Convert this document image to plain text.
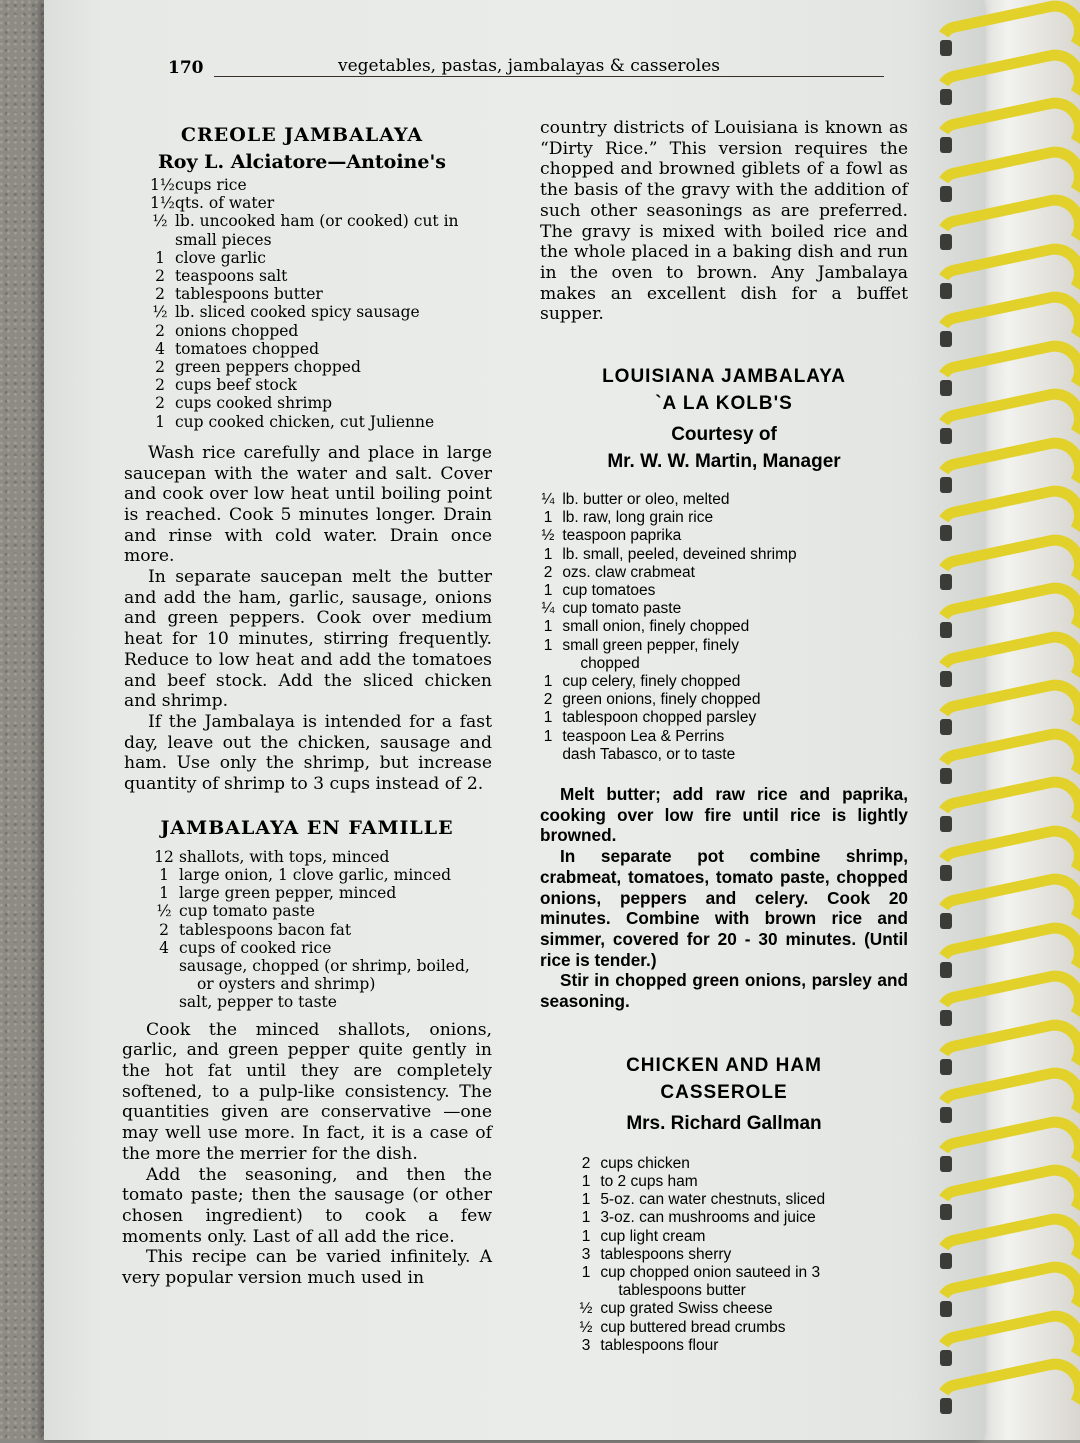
170	vegetables, pastas, jambalayas & casseroles
CREOLE JAMBALAYA
Roy L. Alciatore—Antoine's
1½ cups rice
1½ qts. of water
½ lb. uncooked ham (or cooked) cut in
small pieces
1 clove garlic
2 teaspoons salt
2 tablespoons butter
½ lb. sliced cooked spicy sausage
2 onions chopped
4 tomatoes chopped
2 green peppers chopped
2 cups beef stock
2 cups cooked shrimp
1 cup cooked chicken, cut Julienne

Wash rice carefully and place in large saucepan with the water and salt. Cover and cook over low heat until boiling point is reached. Cook 5 minutes longer. Drain and rinse with cold water. Drain once more.

In separate saucepan melt the butter and add the ham, garlic, sausage, onions and green peppers. Cook over medium heat for 10 minutes, stirring frequently. Reduce to low heat and add the tomatoes and beef stock. Add the sliced chicken and shrimp.

If the Jambalaya is intended for a fast day, leave out the chicken, sausage and ham. Use only the shrimp, but increase quantity of shrimp to 3 cups instead of 2.

JAMBALAYA EN FAMILLE
12 shallots, with tops, minced
1 large onion, 1 clove garlic, minced
1 large green pepper, minced
½ cup tomato paste
2 tablespoons bacon fat
4 cups of cooked rice
sausage, chopped (or shrimp, boiled,
or oysters and shrimp)
salt, pepper to taste

Cook the minced shallots, onions, garlic, and green pepper quite gently in the hot fat until they are completely softened, to a pulp-like consistency. The quantities given are conservative —one may well use more. In fact, it is a case of the more the merrier for the dish.

Add the seasoning, and then the tomato paste; then the sausage (or other chosen ingredient) to cook a few moments only. Last of all add the rice.

This recipe can be varied infinitely. A very popular version much used in

country districts of Louisiana is known as “Dirty Rice.” This version requires the chopped and browned giblets of a fowl as the basis of the gravy with the addition of such other seasonings as are preferred. The gravy is mixed with boiled rice and the whole placed in a baking dish and run in the oven to brown. Any Jambalaya makes an excellent dish for a buffet supper.

LOUISIANA JAMBALAYA
`A LA KOLB'S
Courtesy of
Mr. W. W. Martin, Manager
¼ lb. butter or oleo, melted
1 lb. raw, long grain rice
½ teaspoon paprika
1 lb. small, peeled, deveined shrimp
2 ozs. claw crabmeat
1 cup tomatoes
¼ cup tomato paste
1 small onion, finely chopped
1 small green pepper, finely
chopped
1 cup celery, finely chopped
2 green onions, finely chopped
1 tablespoon chopped parsley
1 teaspoon Lea & Perrins
dash Tabasco, or to taste

Melt butter; add raw rice and paprika, cooking over low fire until rice is lightly browned.

In separate pot combine shrimp, crabmeat, tomatoes, tomato paste, chopped onions, peppers and celery. Cook 20 minutes. Combine with brown rice and simmer, covered for 20 - 30 minutes. (Until rice is tender.)

Stir in chopped green onions, parsley and seasoning.

CHICKEN AND HAM
CASSEROLE
Mrs. Richard Gallman
2 cups chicken
1 to 2 cups ham
1 5-oz. can water chestnuts, sliced
1 3-oz. can mushrooms and juice
1 cup light cream
3 tablespoons sherry
1 cup chopped onion sauteed in 3
tablespoons butter
½ cup grated Swiss cheese
½ cup buttered bread crumbs
3 tablespoons flour
